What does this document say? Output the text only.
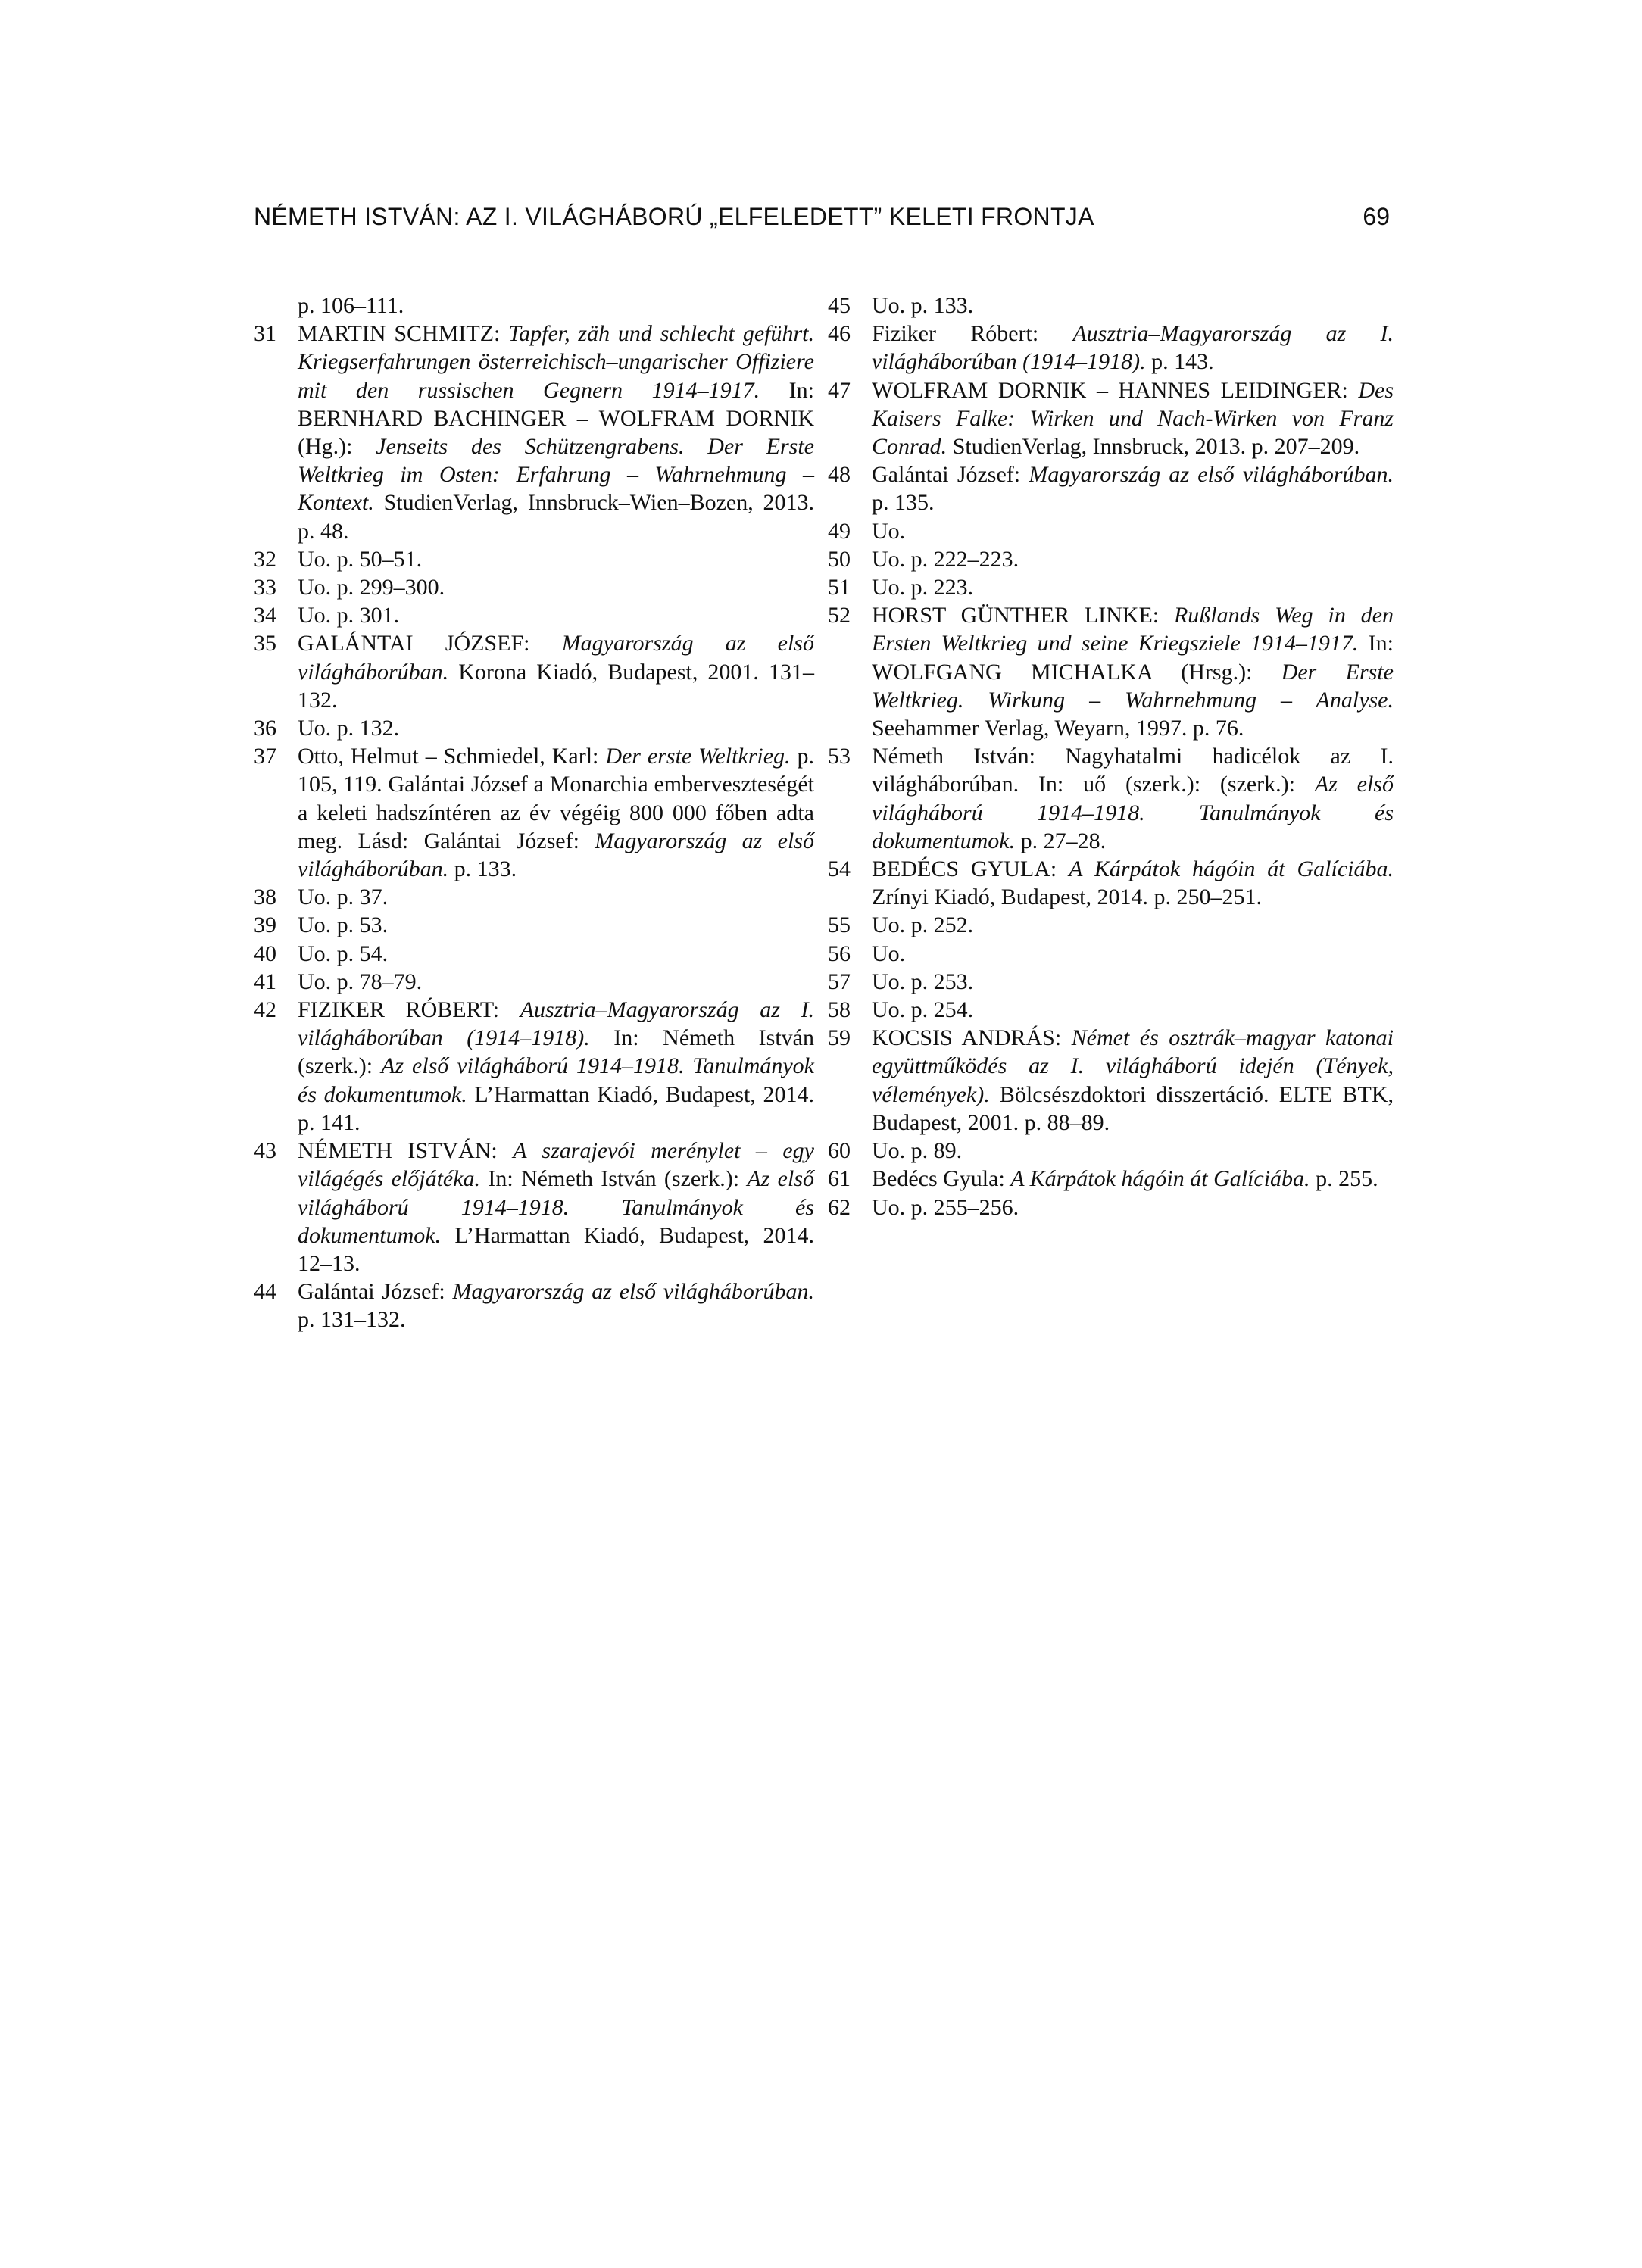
NÉMETH ISTVÁN: AZ I. VILÁGHÁBORÚ „ELFELEDETT” KELETI FRONTJA	69
p. 106–111.
31 MARTIN SCHMITZ: Tapfer, zäh und schlecht geführt. Kriegserfahrungen österreichisch–ungarischer Offiziere mit den russischen Gegnern 1914–1917. In: BERNHARD BACHINGER – WOLFRAM DORNIK (Hg.): Jenseits des Schützengrabens. Der Erste Weltkrieg im Osten: Erfahrung – Wahrnehmung – Kontext. StudienVerlag, Innsbruck–Wien–Bozen, 2013. p. 48.
32 Uo. p. 50–51.
33 Uo. p. 299–300.
34 Uo. p. 301.
35 GALÁNTAI JÓZSEF: Magyarország az első világháborúban. Korona Kiadó, Budapest, 2001. 131–132.
36 Uo. p. 132.
37 Otto, Helmut – Schmiedel, Karl: Der erste Weltkrieg. p. 105, 119. Galántai József a Monarchia emberveszteségét a keleti hadszíntéren az év végéig 800 000 főben adta meg. Lásd: Galántai József: Magyarország az első világháborúban. p. 133.
38 Uo. p. 37.
39 Uo. p. 53.
40 Uo. p. 54.
41 Uo. p. 78–79.
42 FIZIKER RÓBERT: Ausztria–Magyarország az I. világháborúban (1914–1918). In: Németh István (szerk.): Az első világháború 1914–1918. Tanulmányok és dokumentumok. L’Harmattan Kiadó, Budapest, 2014. p. 141.
43 NÉMETH ISTVÁN: A szarajevói merénylet – egy világégés előjátéka. In: Németh István (szerk.): Az első világháború 1914–1918. Tanulmányok és dokumentumok. L’Harmattan Kiadó, Budapest, 2014. 12–13.
44 Galántai József: Magyarország az első világháborúban. p. 131–132.
45 Uo. p. 133.
46 Fiziker Róbert: Ausztria–Magyarország az I. világháborúban (1914–1918). p. 143.
47 WOLFRAM DORNIK – HANNES LEIDINGER: Des Kaisers Falke: Wirken und Nach-Wirken von Franz Conrad. StudienVerlag, Innsbruck, 2013. p. 207–209.
48 Galántai József: Magyarország az első világháborúban. p. 135.
49 Uo.
50 Uo. p. 222–223.
51 Uo. p. 223.
52 HORST GÜNTHER LINKE: Rußlands Weg in den Ersten Weltkrieg und seine Kriegsziele 1914–1917. In: WOLFGANG MICHALKA (Hrsg.): Der Erste Weltkrieg. Wirkung – Wahrnehmung – Analyse. Seehammer Verlag, Weyarn, 1997. p. 76.
53 Németh István: Nagyhatalmi hadicélok az I. világháborúban. In: uő (szerk.): (szerk.): Az első világháború 1914–1918. Tanulmányok és dokumentumok. p. 27–28.
54 BEDÉCS GYULA: A Kárpátok hágóin át Galíciába. Zrínyi Kiadó, Budapest, 2014. p. 250–251.
55 Uo. p. 252.
56 Uo.
57 Uo. p. 253.
58 Uo. p. 254.
59 KOCSIS ANDRÁS: Német és osztrák–magyar katonai együttműködés az I. világháború idején (Tények, vélemények). Bölcsészdoktori disszertáció. ELTE BTK, Budapest, 2001. p. 88–89.
60 Uo. p. 89.
61 Bedécs Gyula: A Kárpátok hágóin át Galíciába. p. 255.
62 Uo. p. 255–256.
